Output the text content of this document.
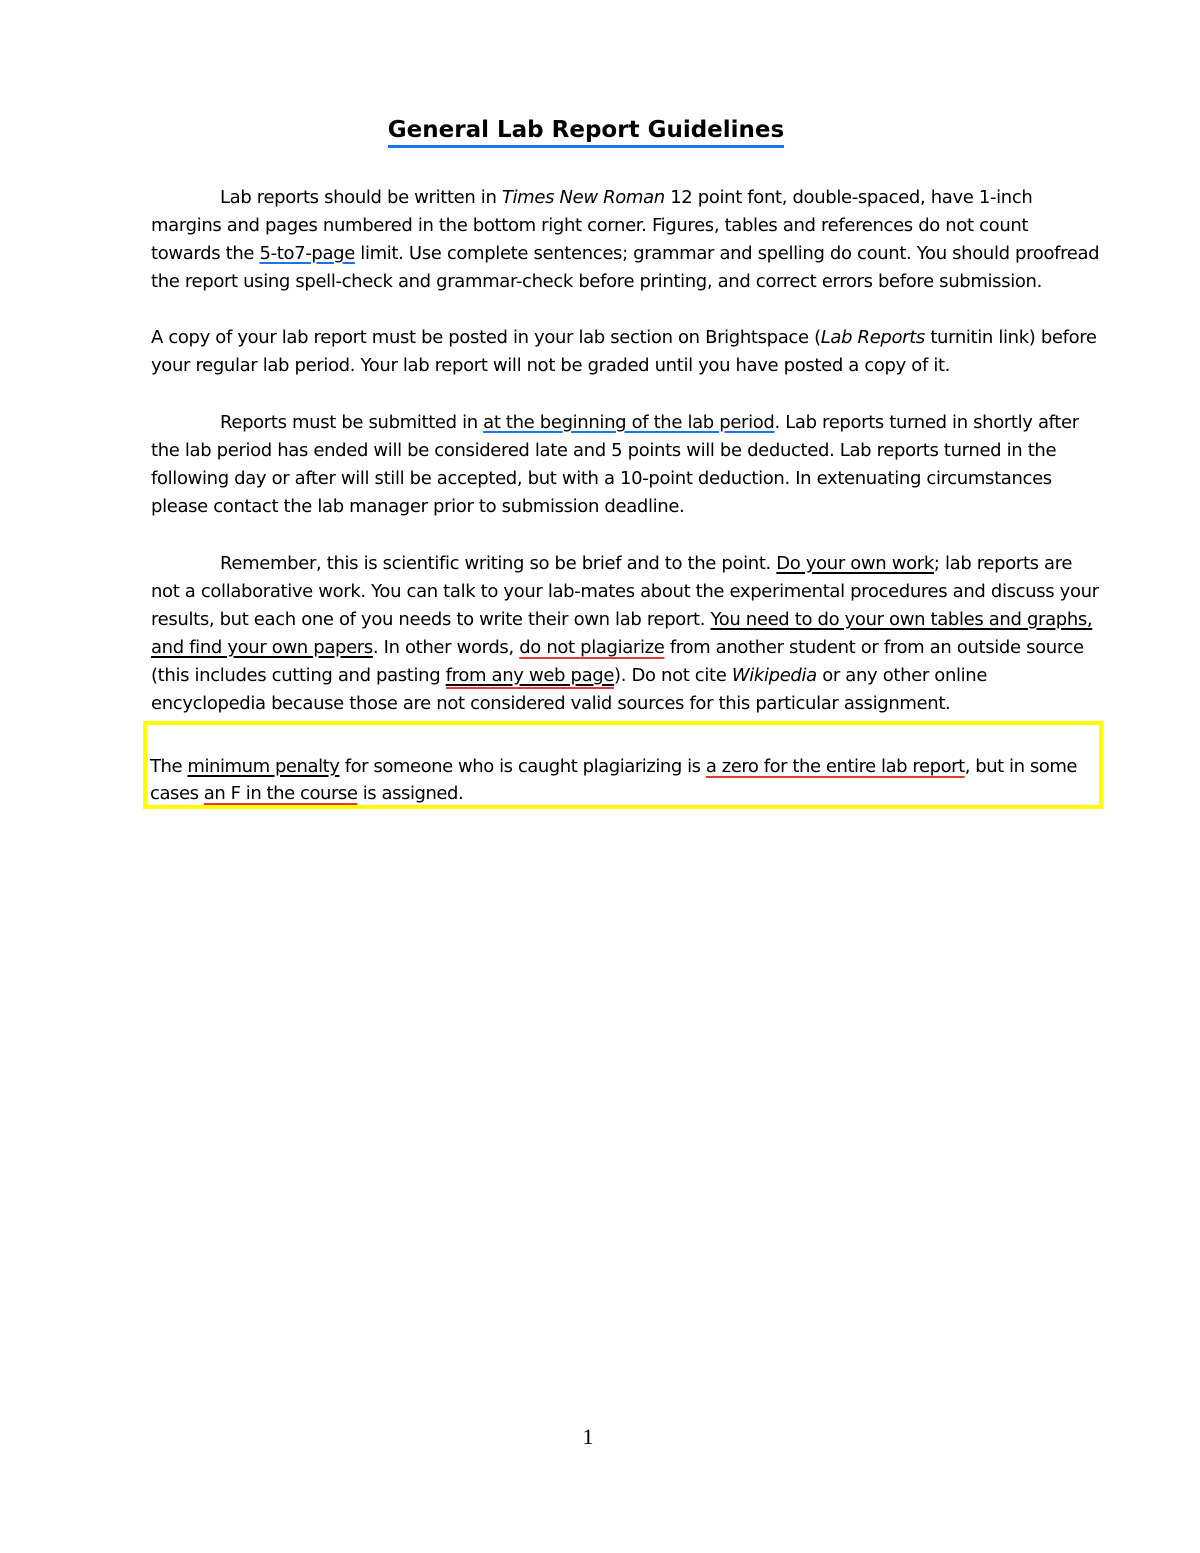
General Lab Report Guidelines

Lab reports should be written in Times New Roman 12 point font, double-spaced, have 1-inch margins and pages numbered in the bottom right corner. Figures, tables and references do not count towards the 5-to7-page limit. Use complete sentences; grammar and spelling do count. You should proofread the report using spell-check and grammar-check before printing, and correct errors before submission.

A copy of your lab report must be posted in your lab section on Brightspace (Lab Reports turnitin link) before your regular lab period. Your lab report will not be graded until you have posted a copy of it.

Reports must be submitted in at the beginning of the lab period. Lab reports turned in shortly after the lab period has ended will be considered late and 5 points will be deducted. Lab reports turned in the following day or after will still be accepted, but with a 10-point deduction. In extenuating circumstances please contact the lab manager prior to submission deadline.

Remember, this is scientific writing so be brief and to the point. Do your own work; lab reports are not a collaborative work. You can talk to your lab-mates about the experimental procedures and discuss your results, but each one of you needs to write their own lab report. You need to do your own tables and graphs, and find your own papers. In other words, do not plagiarize from another student or from an outside source (this includes cutting and pasting from any web page). Do not cite Wikipedia or any other online encyclopedia because those are not considered valid sources for this particular assignment.

The minimum penalty for someone who is caught plagiarizing is a zero for the entire lab report, but in some cases an F in the course is assigned.

1
